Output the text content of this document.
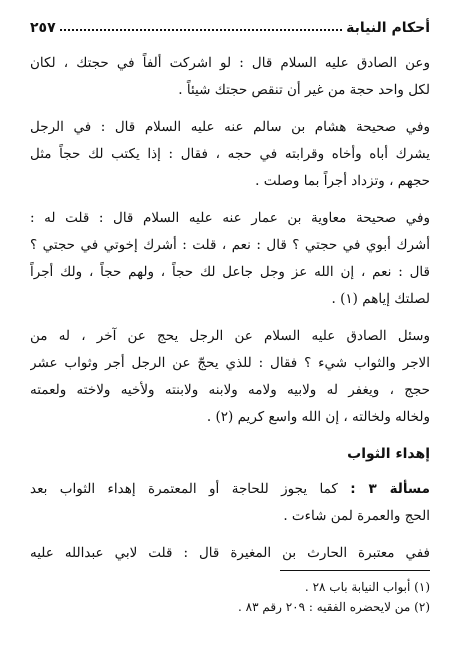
٢٥٧	أحكام النيابة
وعن الصادق عليه السلام قال : لو اشركت ألفاً في حجتك ، لكان
لكل واحد حجة من غير أن تنقص حجتك شيئاً .
وفي صحيحة هشام بن سالم عنه عليه السلام قال : في الرجل
يشرك أباه وأخاه وقرابته في حجه ، فقال : إذا يكتب لك حجاً مثل
حجهم ، وتزداد أجراً بما وصلت .
وفي صحيحة معاوية بن عمار عنه عليه السلام قال : قلت له :
أشرك أبوي في حجتي ؟ قال : نعم ، قلت : أشرك إخوتي في حجتي ؟
قال : نعم ، إن الله عز وجل جاعل لك حجاً ، ولهم حجاً ، ولك أجراً
لصلتك إياهم (١) .
وسئل الصادق عليه السلام عن الرجل يحج عن آخر ، له من
الاجر والثواب شيء ؟ فقال : للذي يحجّ عن الرجل أجر وثواب عشر
حجج ، ويغفر له ولابيه ولامه ولابنه ولابنته ولأخيه ولاخته ولعمته
ولخاله ولخالته ، إن الله واسع كريم (٢) .
إهداء الثواب
مسألة ٣ : كما يجوز للحاجة أو المعتمرة إهداء الثواب بعد
الحج والعمرة لمن شاءت .
ففي معتبرة الحارث بن المغيرة قال : قلت لابي عبدالله عليه
(١) أبواب النيابة باب ٢٨ .
(٢) من لايحضره الفقيه : ٢٠٩ رقم ٨٣ .
